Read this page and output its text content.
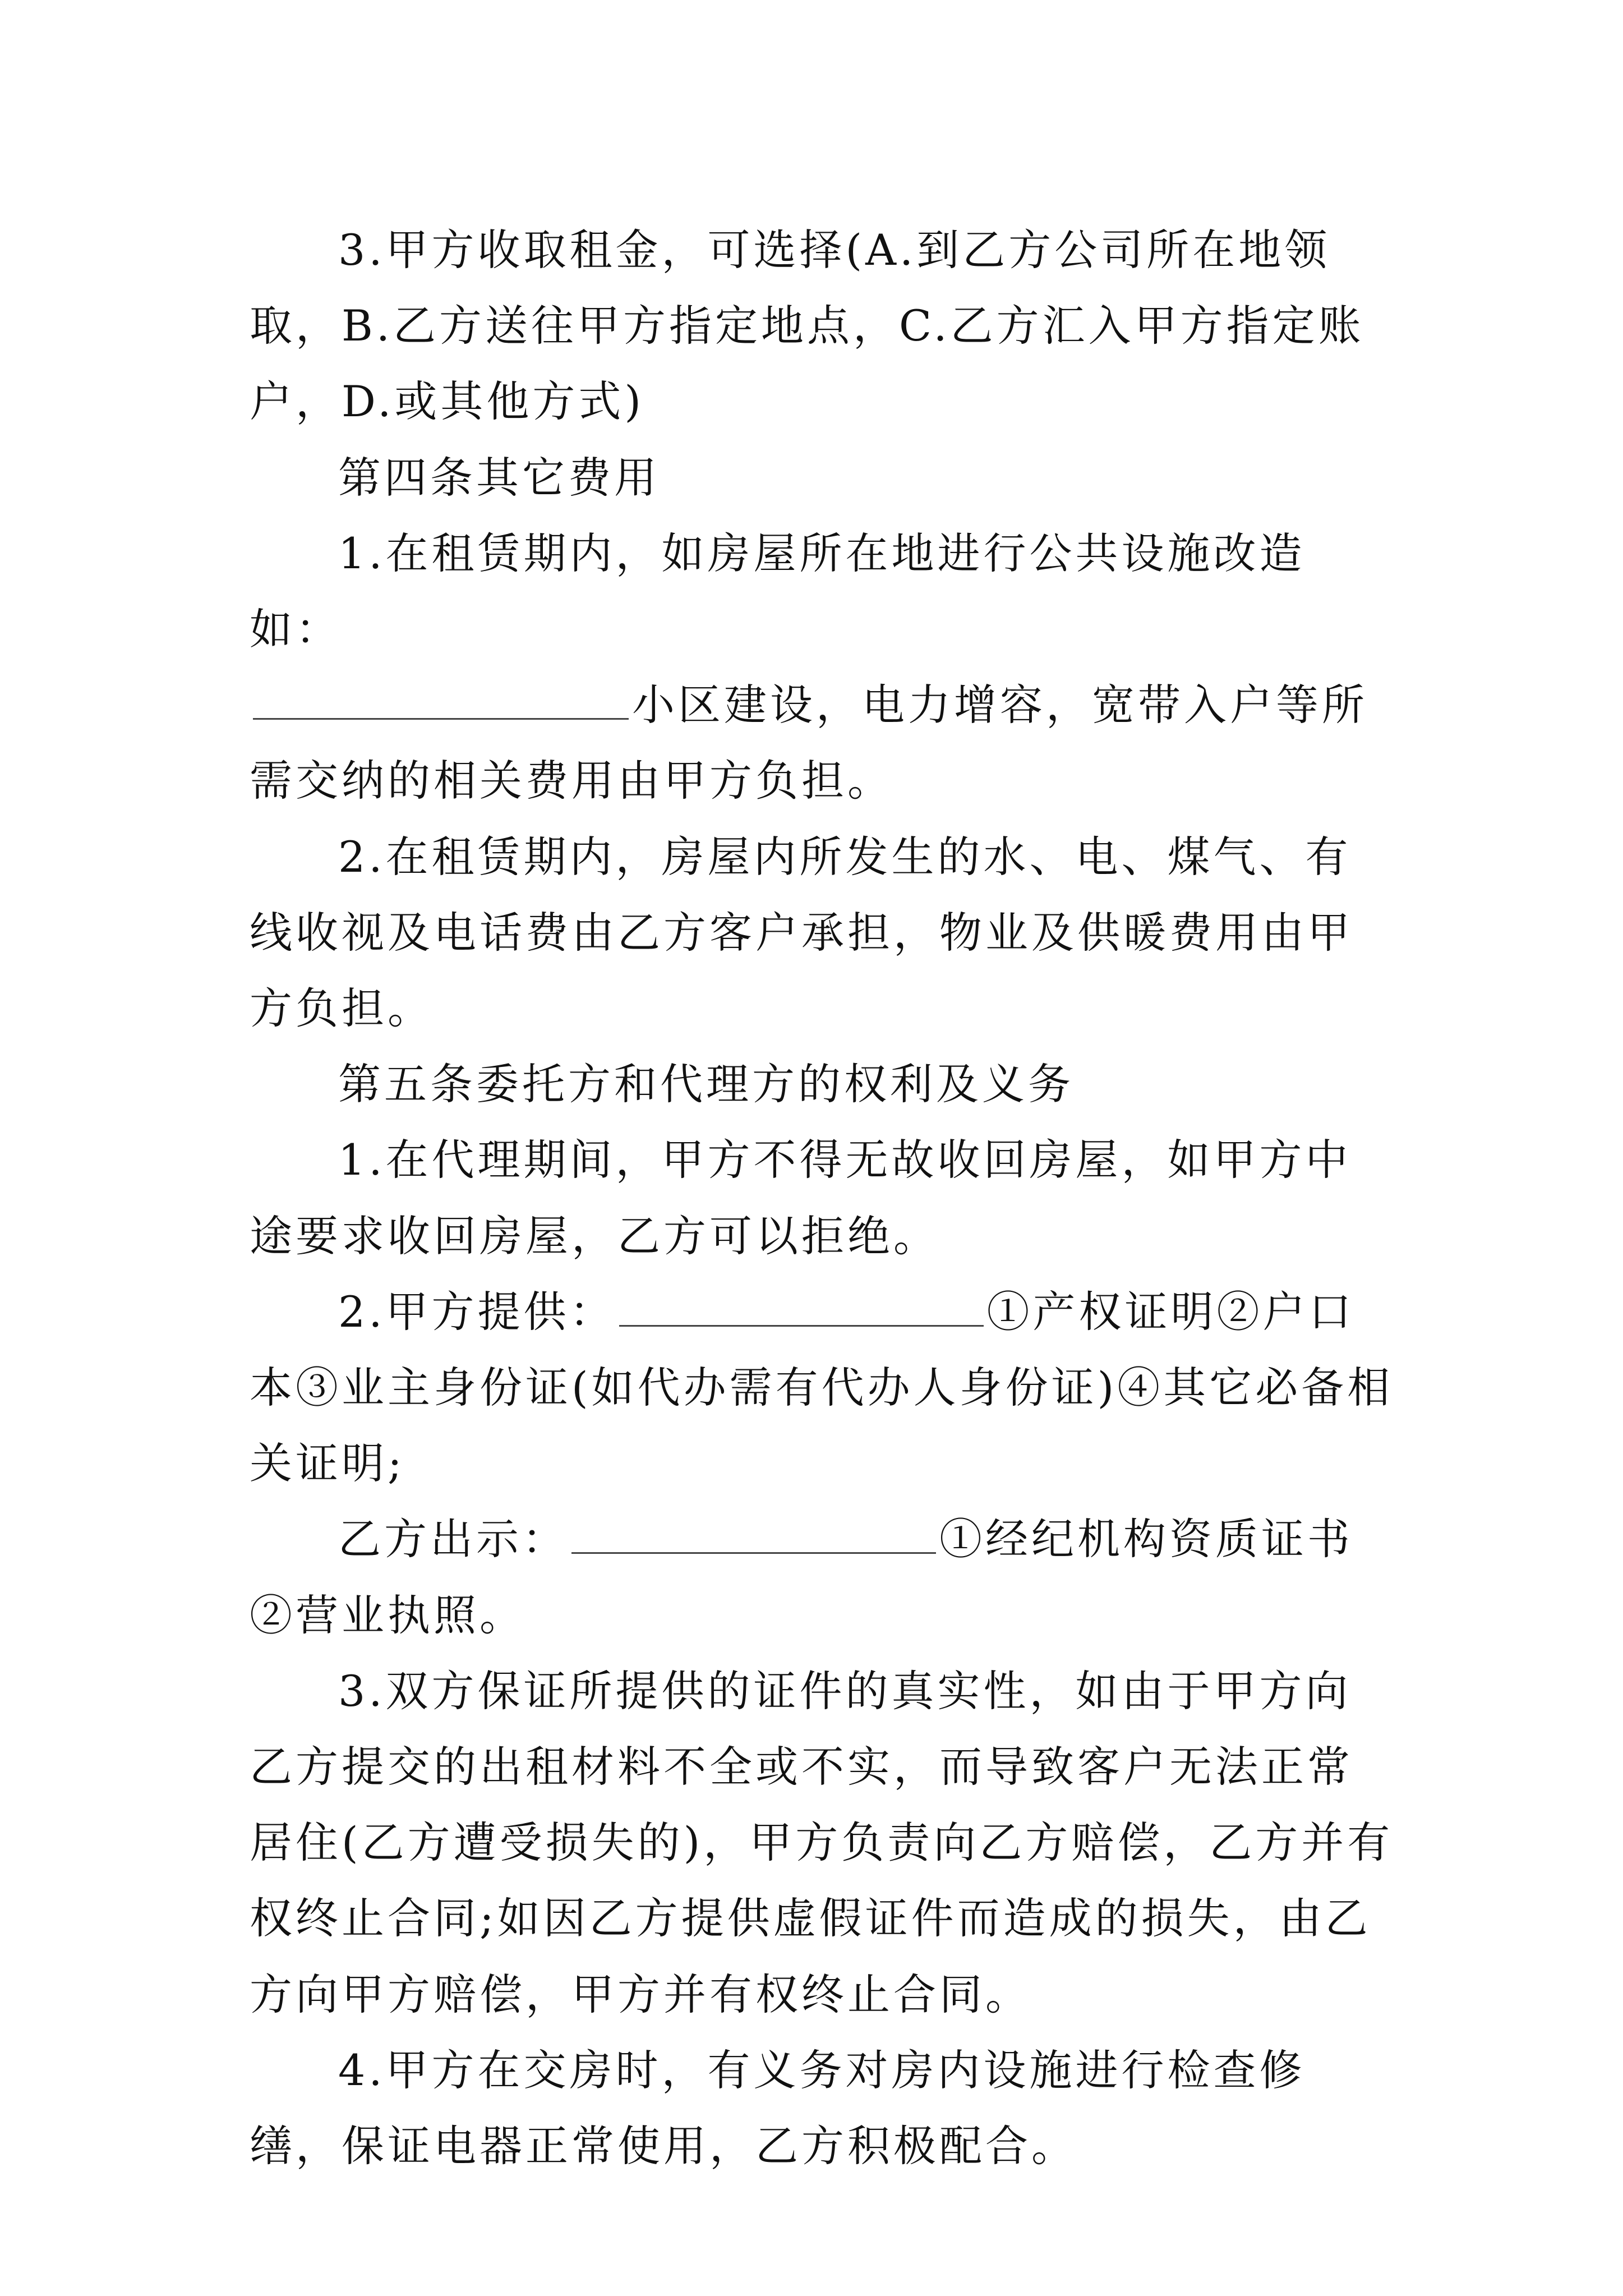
3.甲方收取租金，可选择(A.到乙方公司所在地领取，B.乙方送往甲方指定地点，C.乙方汇入甲方指定账户，D.或其他方式)

第四条其它费用

1.在租赁期内，如房屋所在地进行公共设施改造如：
小区建设，电力增容，宽带入户等所需交纳的相关费用由甲方负担。

2.在租赁期内，房屋内所发生的水、电、煤气、有线收视及电话费由乙方客户承担，物业及供暖费用由甲方负担。

第五条委托方和代理方的权利及义务

1.在代理期间，甲方不得无故收回房屋，如甲方中途要求收回房屋，乙方可以拒绝。

2.甲方提供：	①产权证明②户口本③业主身份证(如代办需有代办人身份证)④其它必备相关证明;

乙方出示：	①经纪机构资质证书②营业执照。

3.双方保证所提供的证件的真实性，如由于甲方向乙方提交的出租材料不全或不实，而导致客户无法正常居住(乙方遭受损失的)，甲方负责向乙方赔偿，乙方并有权终止合同;如因乙方提供虚假证件而造成的损失，由乙方向甲方赔偿，甲方并有权终止合同。

4.甲方在交房时，有义务对房内设施进行检查修缮，保证电器正常使用，乙方积极配合。
